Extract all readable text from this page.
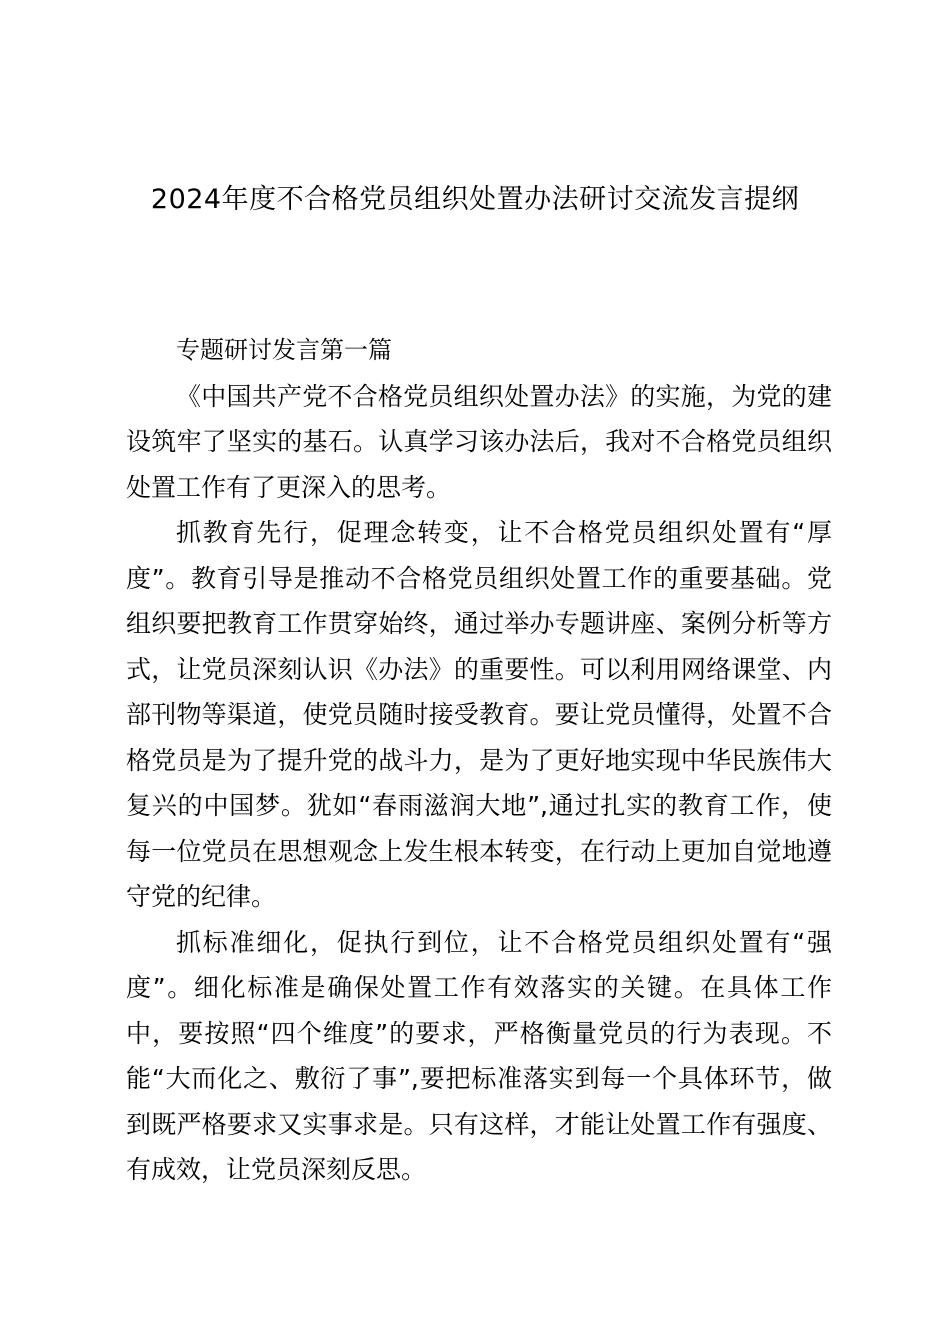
2024年度不合格党员组织处置办法研讨交流发言提纲

专题研讨发言第一篇

《中国共产党不合格党员组织处置办法》的实施，为党的建设筑牢了坚实的基石。认真学习该办法后，我对不合格党员组织处置工作有了更深入的思考。

抓教育先行，促理念转变，让不合格党员组织处置有“厚度”。教育引导是推动不合格党员组织处置工作的重要基础。党组织要把教育工作贯穿始终，通过举办专题讲座、案例分析等方式，让党员深刻认识《办法》的重要性。可以利用网络课堂、内部刊物等渠道，使党员随时接受教育。要让党员懂得，处置不合格党员是为了提升党的战斗力，是为了更好地实现中华民族伟大复兴的中国梦。犹如“春雨滋润大地”,通过扎实的教育工作，使每一位党员在思想观念上发生根本转变，在行动上更加自觉地遵守党的纪律。

抓标准细化，促执行到位，让不合格党员组织处置有“强度”。细化标准是确保处置工作有效落实的关键。在具体工作中，要按照“四个维度”的要求，严格衡量党员的行为表现。不能“大而化之、敷衍了事”,要把标准落实到每一个具体环节，做到既严格要求又实事求是。只有这样，才能让处置工作有强度、有成效，让党员深刻反思。
